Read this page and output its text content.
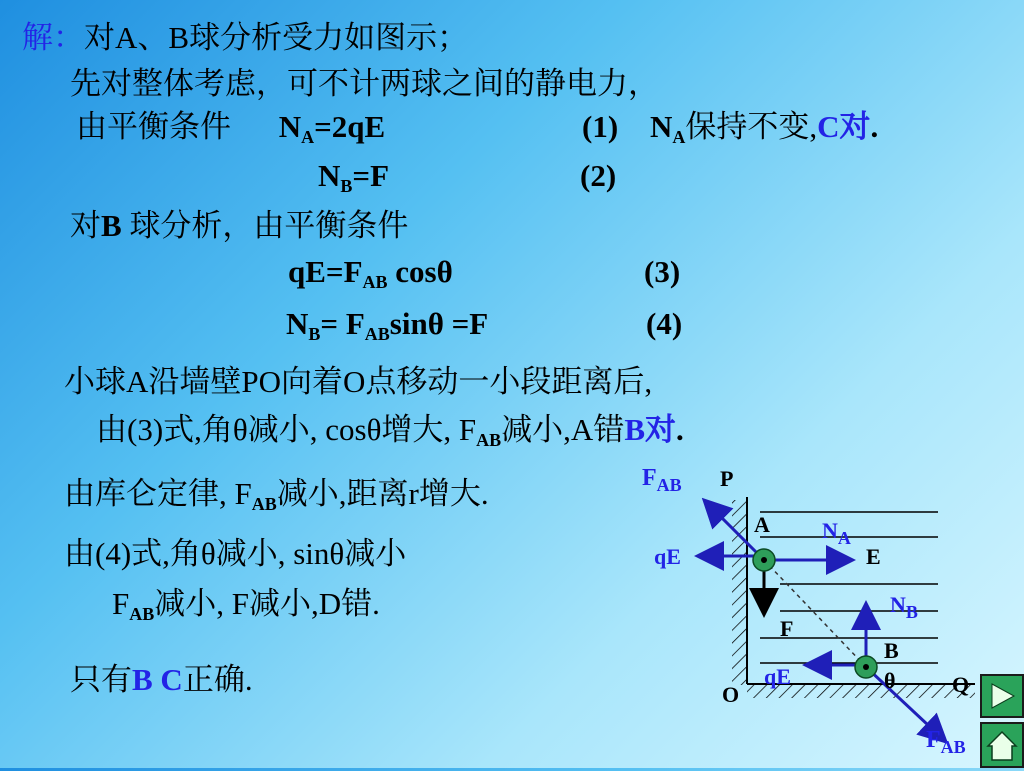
解：对A、B球分析受力如图示；
先对整体考虑，可不计两球之间的静电力，
由平衡条件 $N_A=2qE$	(1) $N_A$保持不变,C对.
$N_B=F$	(2)
对B 球分析，由平衡条件
$qE=F_{AB}$ cosθ	(3)
$N_B= F_{AB}\sin\theta =F$	(4)
小球A沿墙壁PO向着O点移动一小段距离后,
由(3)式,角θ减小, cosθ增大, $F_{AB}$减小,A错B对.
由库仑定律, $F_{AB}$减小,距离r增大.
由(4)式,角θ减小, sinθ减小
$F_{AB}$减小, F减小,D错.
只有B C正确.
$F_{AB}$ P
A $N_A$
qE	E
F
$N_B$
B
qE	θ
O	Q
$F_{AB}$
